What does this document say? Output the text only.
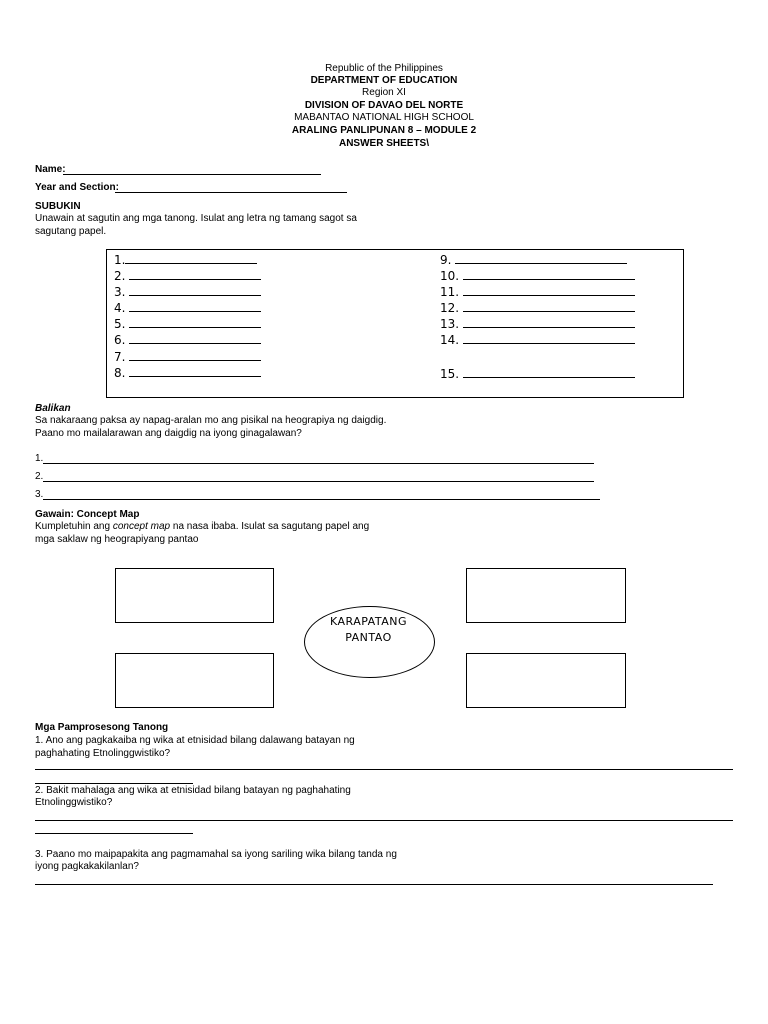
Republic of the Philippines
DEPARTMENT OF EDUCATION
Region XI
DIVISION OF DAVAO DEL NORTE
MABANTAO NATIONAL HIGH SCHOOL
ARALING PANLIPUNAN 8 – MODULE 2
ANSWER SHEETS\
Name:
Year and Section:
SUBUKIN
Unawain at sagutin ang mga tanong. Isulat ang letra ng tamang sagot sa
sagutang papel.
1.
2.
3.
4.
5.
6.
7.
8.
9.
10.
11.
12.
13.
14.
15.
Balikan
Sa nakaraang paksa ay napag-aralan mo ang pisikal na heograpiya ng daigdig.
Paano mo mailalarawan ang daigdig na iyong ginagalawan?
1.
2.
3.
Gawain: Concept Map
Kumpletuhin ang concept map na nasa ibaba. Isulat sa sagutang papel ang
mga saklaw ng heograpiyang pantao
KARAPATANG
PANTAO
Mga Pamprosesong Tanong
1. Ano ang pagkakaiba ng wika at etnisidad bilang dalawang batayan ng
paghahating Etnolinggwistiko?
2. Bakit mahalaga ang wika at etnisidad bilang batayan ng paghahating
Etnolinggwistiko?
3. Paano mo maipapakita ang pagmamahal sa iyong sariling wika bilang tanda ng
iyong pagkakakilanlan?
